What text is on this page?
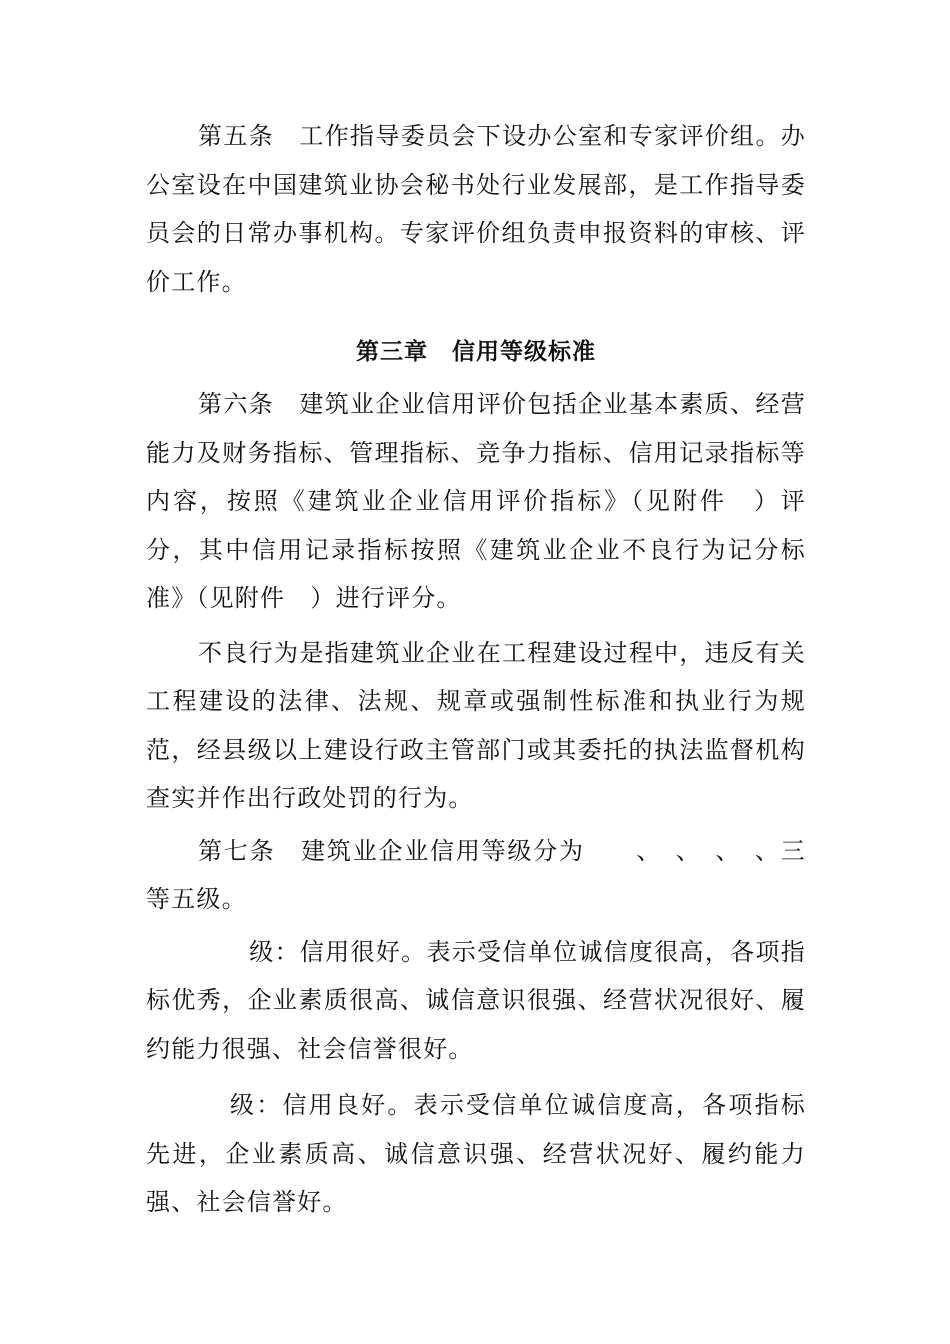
第五条　工作指导委员会下设办公室和专家评价组。办公室设在中国建筑业协会秘书处行业发展部，是工作指导委员会的日常办事机构。专家评价组负责申报资料的审核、评价工作。

第三章　信用等级标准

第六条　建筑业企业信用评价包括企业基本素质、经营能力及财务指标、管理指标、竞争力指标、信用记录指标等内容，按照《建筑业企业信用评价指标》（见附件　）评分，其中信用记录指标按照《建筑业企业不良行为记分标准》（见附件　）进行评分。

不良行为是指建筑业企业在工程建设过程中，违反有关工程建设的法律、法规、规章或强制性标准和执业行为规范，经县级以上建设行政主管部门或其委托的执法监督机构查实并作出行政处罚的行为。

第七条　建筑业企业信用等级分为　　、　、　、　、三等五级。

　级：信用很好。表示受信单位诚信度很高，各项指标优秀，企业素质很高、诚信意识很强、经营状况很好、履约能力很强、社会信誉很好。

级：信用良好。表示受信单位诚信度高，各项指标先进，企业素质高、诚信意识强、经营状况好、履约能力强、社会信誉好。
